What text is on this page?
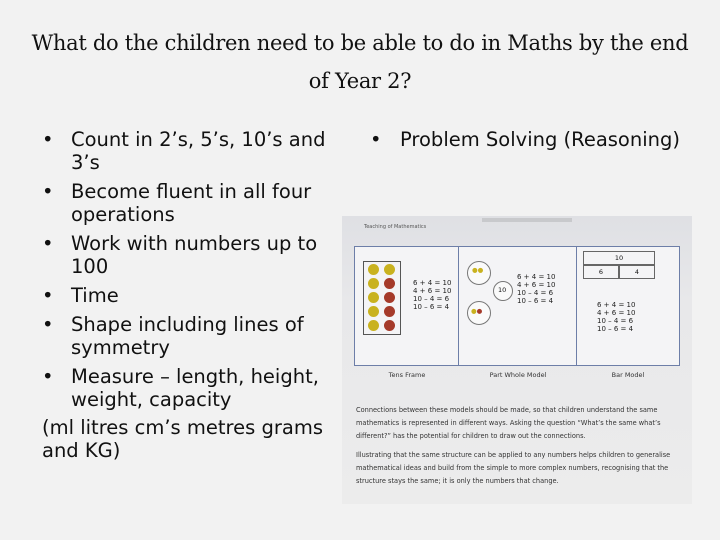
What do the children need to be able to do in Maths by the end of Year 2?
• Count in 2’s, 5’s, 10’s and 3’s
• Become fluent in all four operations
• Work with numbers up to 100
• Time
• Shape including lines of symmetry
• Measure – length, height, weight, capacity
(ml litres cm’s metres grams and KG)
• Problem Solving (Reasoning)
Teaching of Mathematics
6 + 4 = 10
4 + 6 = 10
10 – 4 = 6
10 – 6 = 4
Tens Frame
●●
10
●●
6 + 4 = 10
4 + 6 = 10
10 – 4 = 6
10 – 6 = 4
Part Whole Model
10
6	4
6 + 4 = 10
4 + 6 = 10
10 – 4 = 6
10 – 6 = 4
Bar Model

Connections between these models should be made, so that children understand the same mathematics is represented in different ways. Asking the question “What’s the same what’s different?” has the potential for children to draw out the connections.

Illustrating that the same structure can be applied to any numbers helps children to generalise mathematical ideas and build from the simple to more complex numbers, recognising that the structure stays the same; it is only the numbers that change.
